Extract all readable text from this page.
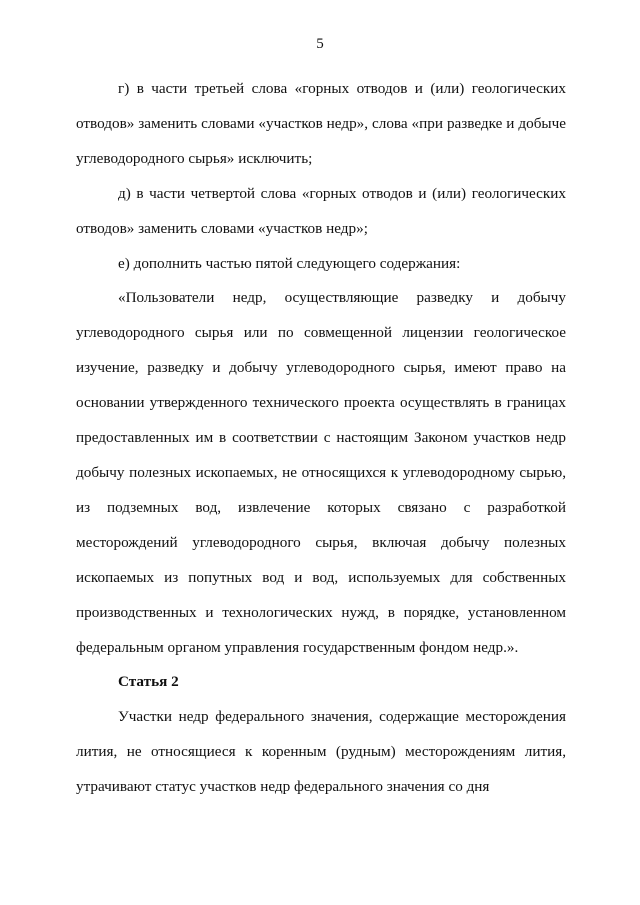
5

г) в части третьей слова «горных отводов и (или) геологических отводов» заменить словами «участков недр», слова «при разведке и добыче углеводородного сырья» исключить;

д) в части четвертой слова «горных отводов и (или) геологических отводов» заменить словами «участков недр»;

е) дополнить частью пятой следующего содержания:

«Пользователи недр, осуществляющие разведку и добычу углеводородного сырья или по совмещенной лицензии геологическое изучение, разведку и добычу углеводородного сырья, имеют право на основании утвержденного технического проекта осуществлять в границах предоставленных им в соответствии с настоящим Законом участков недр добычу полезных ископаемых, не относящихся к углеводородному сырью, из подземных вод, извлечение которых связано с разработкой месторождений углеводородного сырья, включая добычу полезных ископаемых из попутных вод и вод, используемых для собственных производственных и технологических нужд, в порядке, установленном федеральным органом управления государственным фондом недр.».

Статья 2

Участки недр федерального значения, содержащие месторождения лития, не относящиеся к коренным (рудным) месторождениям лития, утрачивают статус участков недр федерального значения со дня
